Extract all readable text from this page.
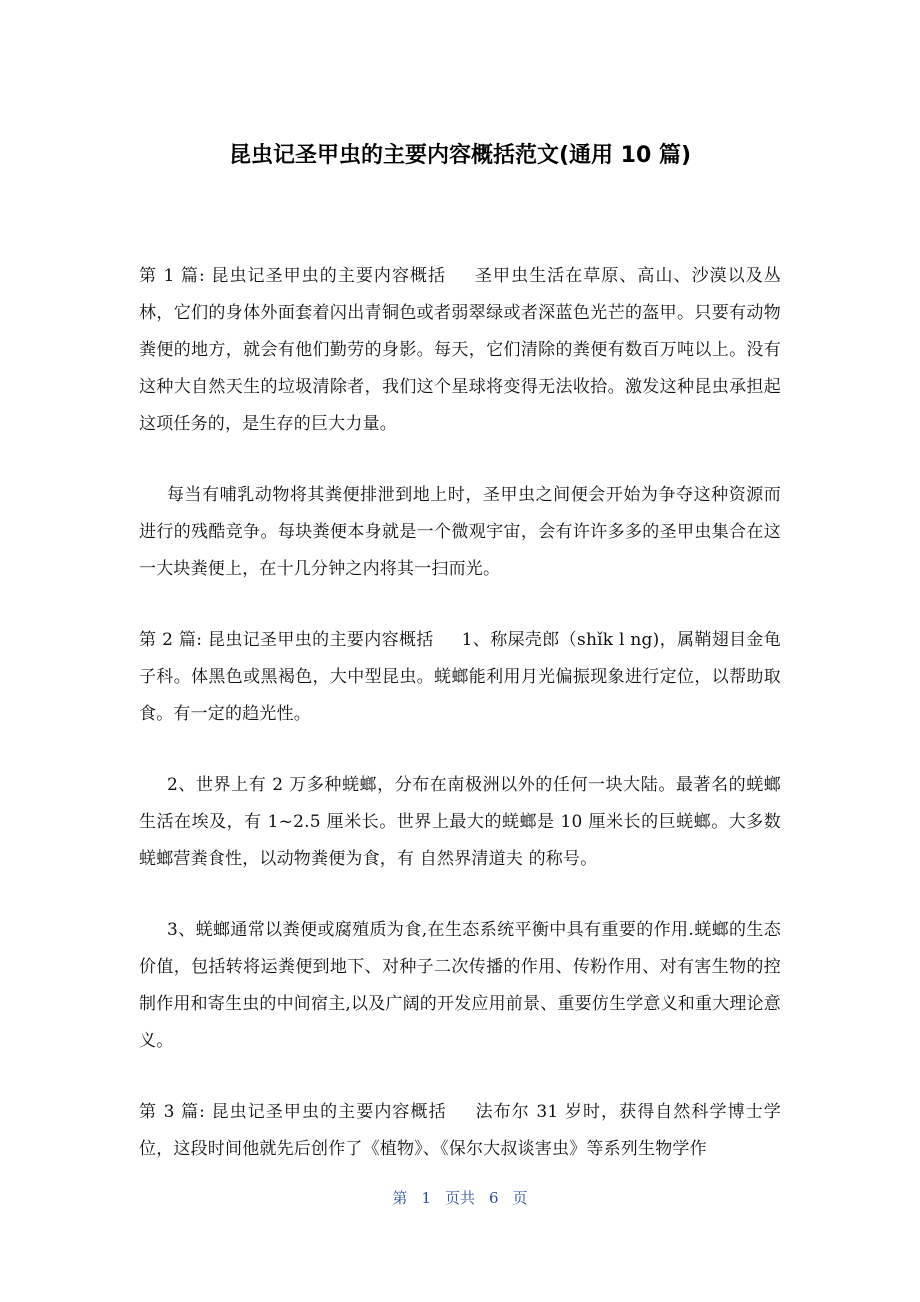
昆虫记圣甲虫的主要内容概括范文(通用 10 篇)

第 1 篇: 昆虫记圣甲虫的主要内容概括 圣甲虫生活在草原、高山、沙漠以及丛林，它们的身体外面套着闪出青铜色或者弱翠绿或者深蓝色光芒的盔甲。只要有动物粪便的地方，就会有他们勤劳的身影。每天，它们清除的粪便有数百万吨以上。没有这种大自然天生的垃圾清除者，我们这个星球将变得无法收拾。激发这种昆虫承担起这项任务的，是生存的巨大力量。

每当有哺乳动物将其粪便排泄到地上时，圣甲虫之间便会开始为争夺这种资源而进行的残酷竞争。每块粪便本身就是一个微观宇宙，会有许许多多的圣甲虫集合在这一大块粪便上，在十几分钟之内将其一扫而光。

第 2 篇: 昆虫记圣甲虫的主要内容概括 1、称屎壳郎（shǐk l ng)，属鞘翅目金龟子科。体黑色或黑褐色，大中型昆虫。蜣螂能利用月光偏振现象进行定位，以帮助取食。有一定的趋光性。

2、世界上有 2 万多种蜣螂，分布在南极洲以外的任何一块大陆。最著名的蜣螂生活在埃及，有 1~2.5 厘米长。世界上最大的蜣螂是 10 厘米长的巨蜣螂。大多数蜣螂营粪食性，以动物粪便为食，有 自然界清道夫 的称号。

3、蜣螂通常以粪便或腐殖质为食,在生态系统平衡中具有重要的作用.蜣螂的生态价值，包括转将运粪便到地下、对种子二次传播的作用、传粉作用、对有害生物的控制作用和寄生虫的中间宿主,以及广阔的开发应用前景、重要仿生学意义和重大理论意义。

第 3 篇: 昆虫记圣甲虫的主要内容概括 法布尔 31 岁时，获得自然科学博士学位，这段时间他就先后创作了《植物》、《保尔大叔谈害虫》等系列生物学作

第 1 页共 6 页
